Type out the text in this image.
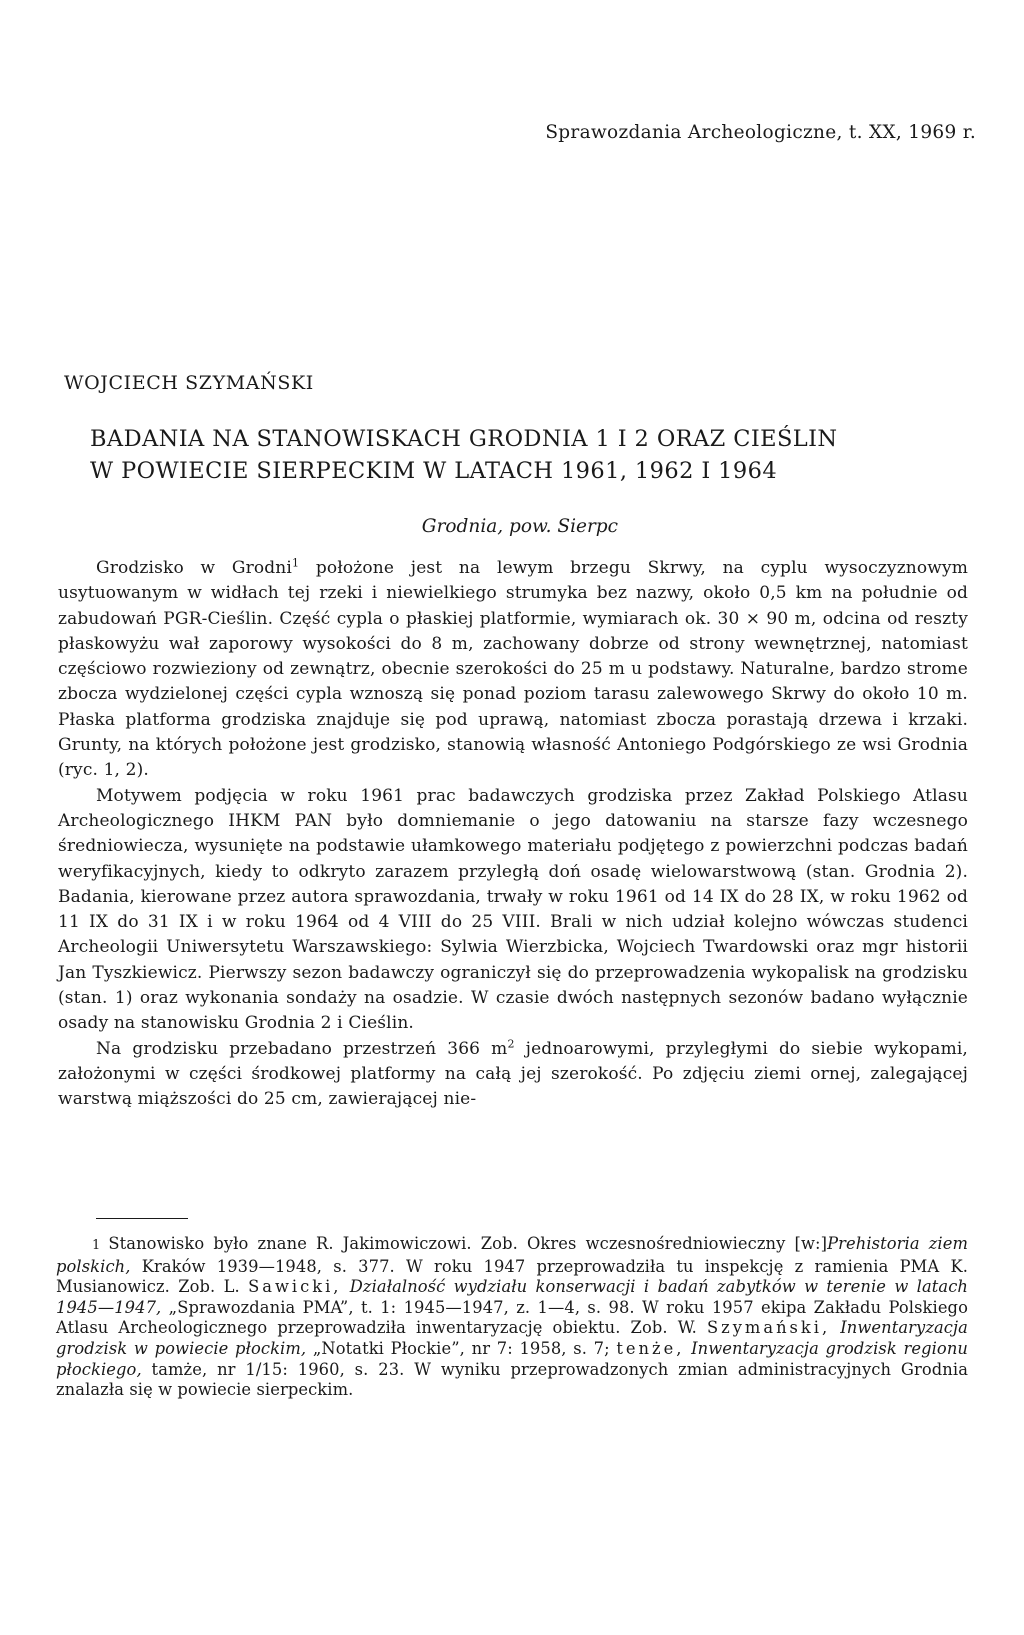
Sprawozdania Archeologiczne, t. XX, 1969 r.
WOJCIECH SZYMAŃSKI
BADANIA NA STANOWISKACH GRODNIA 1 I 2 ORAZ CIEŚLIN
W POWIECIE SIERPECKIM W LATACH 1961, 1962 I 1964
Grodnia, pow. Sierpc

Grodzisko w Grodni$^1$ położone jest na lewym brzegu Skrwy, na cyplu wysoczyznowym usytuowanym w widłach tej rzeki i niewielkiego strumyka bez nazwy, około 0,5 km na południe od zabudowań PGR-Cieślin. Część cypla o płaskiej platformie, wymiarach ok. 30 × 90 m, odcina od reszty płaskowyżu wał zaporowy wysokości do 8 m, zachowany dobrze od strony wewnętrznej, natomiast częściowo rozwieziony od zewnątrz, obecnie szerokości do 25 m u podstawy. Naturalne, bardzo strome zbocza wydzielonej części cypla wznoszą się ponad poziom tarasu zalewowego Skrwy do około 10 m. Płaska platforma grodziska znajduje się pod uprawą, natomiast zbocza porastają drzewa i krzaki. Grunty, na których położone jest grodzisko, stanowią własność Antoniego Podgórskiego ze wsi Grodnia (ryc. 1, 2).

Motywem podjęcia w roku 1961 prac badawczych grodziska przez Zakład Polskiego Atlasu Archeologicznego IHKM PAN było domniemanie o jego datowaniu na starsze fazy wczesnego średniowiecza, wysunięte na podstawie ułamkowego materiału podjętego z powierzchni podczas badań weryfikacyjnych, kiedy to odkryto zarazem przyległą doń osadę wielowarstwową (stan. Grodnia 2). Badania, kierowane przez autora sprawozdania, trwały w roku 1961 od 14 IX do 28 IX, w roku 1962 od 11 IX do 31 IX i w roku 1964 od 4 VIII do 25 VIII. Brali w nich udział kolejno wówczas studenci Archeologii Uniwersytetu Warszawskiego: Sylwia Wierzbicka, Wojciech Twardowski oraz mgr historii Jan Tyszkiewicz. Pierwszy sezon badawczy ograniczył się do przeprowadzenia wykopalisk na grodzisku (stan. 1) oraz wykonania sondaży na osadzie. W czasie dwóch następnych sezonów badano wyłącznie osady na stanowisku Grodnia 2 i Cieślin.

Na grodzisku przebadano przestrzeń 366 $m^2$ jednoarowymi, przyległymi do siebie wykopami, założonymi w części środkowej platformy na całą jej szerokość. Po zdjęciu ziemi ornej, zalegającej warstwą miąższości do 25 cm, zawierającej nie-

1 Stanowisko było znane R. Jakimowiczowi. Zob. Okres wczesnośredniowieczny [w:]Prehistoria ziem polskich, Kraków 1939—1948, s. 377. W roku 1947 przeprowadziła tu inspekcję z ramienia PMA K. Musianowicz. Zob. L. Sawicki, Działalność wydziału konserwacji i badań zabytków w terenie w latach 1945—1947, „Sprawozdania PMA”, t. 1: 1945—1947, z. 1—4, s. 98. W roku 1957 ekipa Zakładu Polskiego Atlasu Archeologicznego przeprowadziła inwentaryzację obiektu. Zob. W. Szymański, Inwentaryzacja grodzisk w powiecie płockim, „Notatki Płockie”, nr 7: 1958, s. 7; tenże, Inwentaryzacja grodzisk regionu płockiego, tamże, nr 1/15: 1960, s. 23. W wyniku przeprowadzonych zmian administracyjnych Grodnia znalazła się w powiecie sierpeckim.
